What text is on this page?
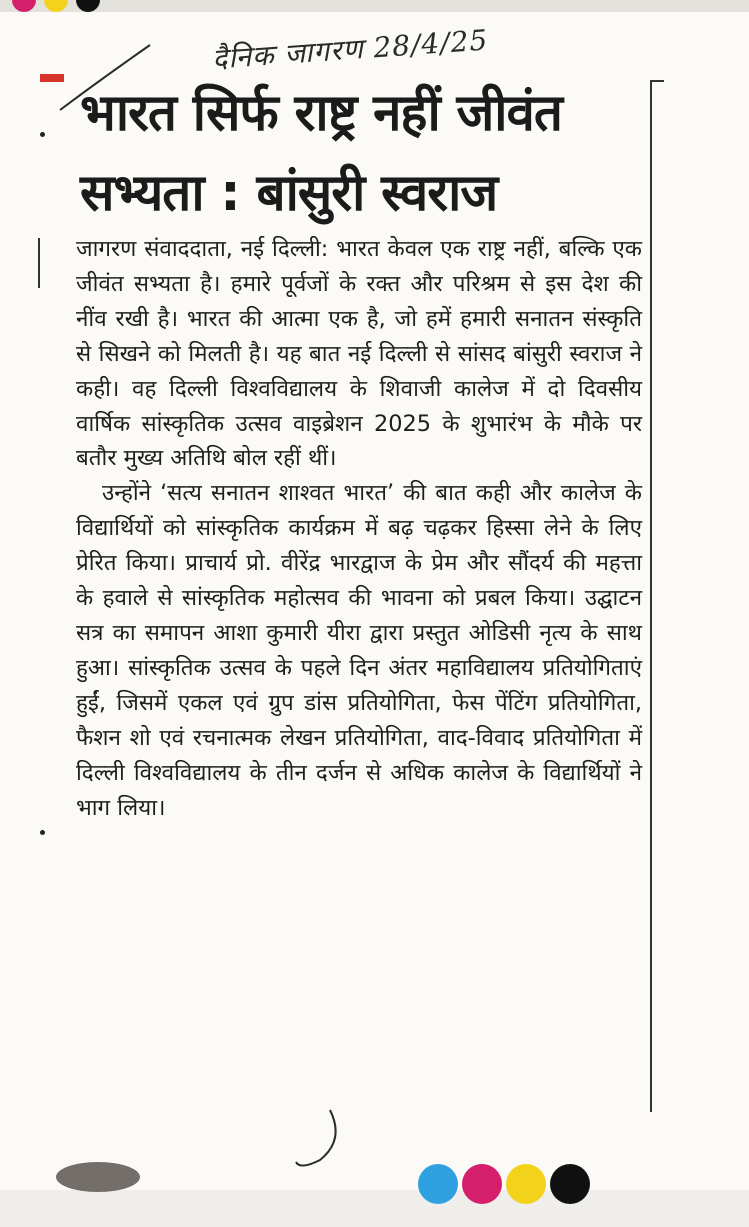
दैनिक जागरण 28/4/25
भारत सिर्फ राष्ट्र नहीं जीवंत
सभ्यता : बांसुरी स्वराज

जागरण संवाददाता, नई दिल्ली: भारत केवल एक राष्ट्र नहीं, बल्कि एक जीवंत सभ्यता है। हमारे पूर्वजों के रक्त और परिश्रम से इस देश की नींव रखी है। भारत की आत्मा एक है, जो हमें हमारी सनातन संस्कृति से सिखने को मिलती है। यह बात नई दिल्ली से सांसद बांसुरी स्वराज ने कही। वह दिल्ली विश्वविद्यालय के शिवाजी कालेज में दो दिवसीय वार्षिक सांस्कृतिक उत्सव वाइब्रेशन 2025 के शुभारंभ के मौके पर बतौर मुख्य अतिथि बोल रहीं थीं।

उन्होंने ‘सत्य सनातन शाश्वत भारत’ की बात कही और कालेज के विद्यार्थियों को सांस्कृतिक कार्यक्रम में बढ़ चढ़कर हिस्सा लेने के लिए प्रेरित किया। प्राचार्य प्रो. वीरेंद्र भारद्वाज के प्रेम और सौंदर्य की महत्ता के हवाले से सांस्कृतिक महोत्सव की भावना को प्रबल किया। उद्घाटन सत्र का समापन आशा कुमारी यीरा द्वारा प्रस्तुत ओडिसी नृत्य के साथ हुआ। सांस्कृतिक उत्सव के पहले दिन अंतर महाविद्यालय प्रतियोगिताएं हुईं, जिसमें एकल एवं ग्रुप डांस प्रतियोगिता, फेस पेंटिंग प्रतियोगिता, फैशन शो एवं रचनात्मक लेखन प्रतियोगिता, वाद-विवाद प्रतियोगिता में दिल्ली विश्वविद्यालय के तीन दर्जन से अधिक कालेज के विद्यार्थियों ने भाग लिया।
